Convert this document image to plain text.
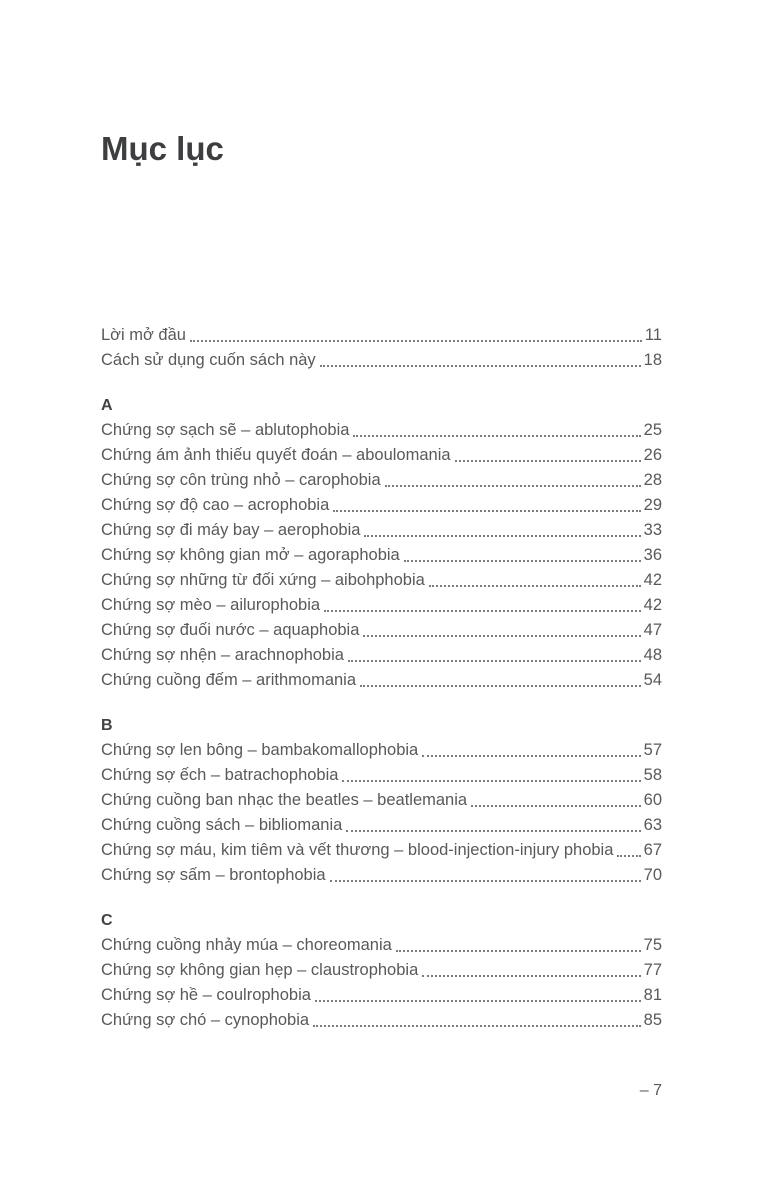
Mục lục
Lời mở đầu	11
Cách sử dụng cuốn sách này	18
A
Chứng sợ sạch sẽ – ablutophobia	25
Chứng ám ảnh thiếu quyết đoán – aboulomania	26
Chứng sợ côn trùng nhỏ – carophobia	28
Chứng sợ độ cao – acrophobia	29
Chứng sợ đi máy bay – aerophobia	33
Chứng sợ không gian mở – agoraphobia	36
Chứng sợ những từ đối xứng – aibohphobia	42
Chứng sợ mèo – ailurophobia	42
Chứng sợ đuối nước – aquaphobia	47
Chứng sợ nhện – arachnophobia	48
Chứng cuồng đếm – arithmomania	54
B
Chứng sợ len bông – bambakomallophobia	57
Chứng sợ ếch – batrachophobia	58
Chứng cuồng ban nhạc the beatles – beatlemania	60
Chứng cuồng sách – bibliomania	63
Chứng sợ máu, kim tiêm và vết thương – blood-injection-injury phobia 67
Chứng sợ sấm – brontophobia	70
C
Chứng cuồng nhảy múa – choreomania	75
Chứng sợ không gian hẹp – claustrophobia	77
Chứng sợ hề – coulrophobia	81
Chứng sợ chó – cynophobia	85
– 7
